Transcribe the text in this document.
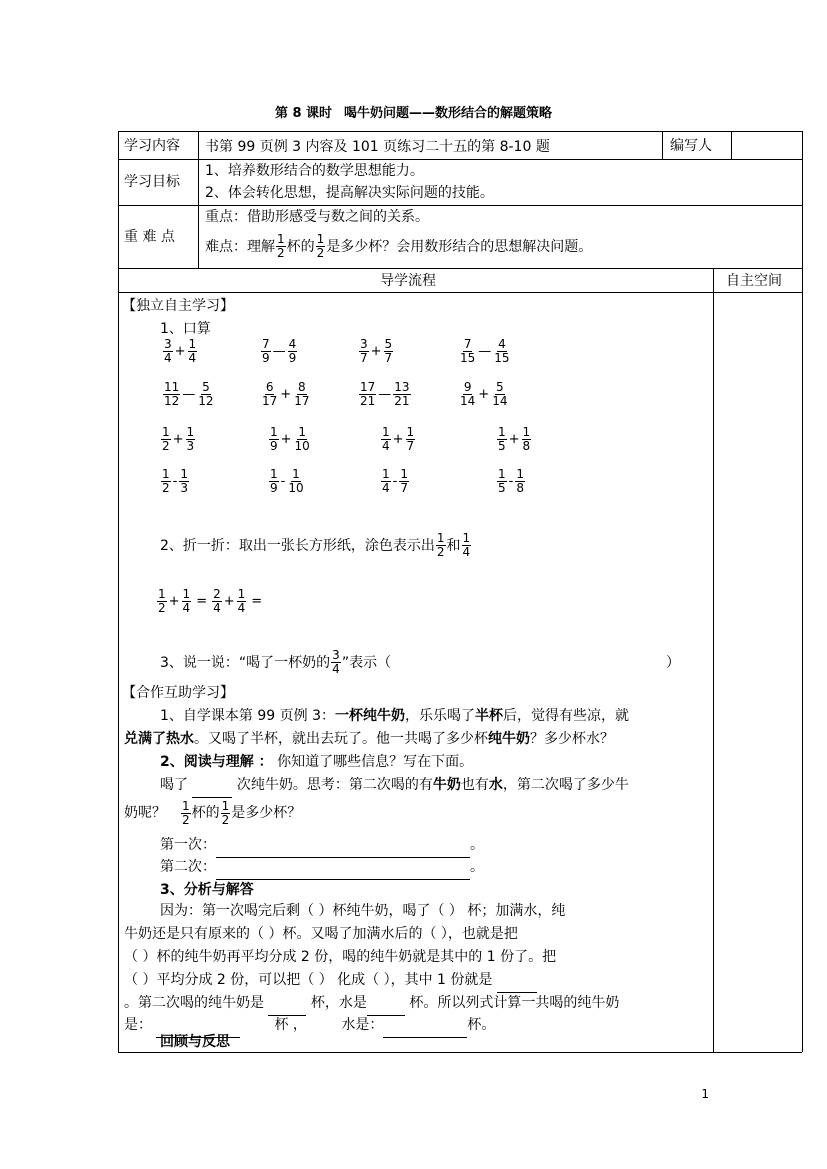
第 8 课时 喝牛奶问题——数形结合的解题策略
学习内容 书第 99 页例 3 内容及 101 页练习二十五的第 8-10 题	编写人
学习目标
1、培养数形结合的数学思想能力。
2、体会转化思想，提高解决实际问题的技能。
重 难 点
重点：借助形感受与数之间的关系。
难点：理解 $\frac{1}{2}$ 杯的 $\frac{1}{2}$ 是多少杯？会用数形结合的思想解决问题。
导学流程	自主空间
【独立自主学习】
1、口算
$\frac{3}{4} + \frac{1}{4}$	$\frac{7}{9}$ — $\frac{4}{9}$	$\frac{3}{7} + \frac{5}{7}$	$\frac{7}{15}$ — $\frac{4}{15}$
$\frac{11}{12}$ — $\frac{5}{12}$	$\frac{6}{17} + \frac{8}{17}$	$\frac{17}{21}$ — $\frac{13}{21}$	$\frac{9}{14} + \frac{5}{14}$
$\frac{1}{2} + \frac{1}{3}$	$\frac{1}{9} + \frac{1}{10}$	$\frac{1}{4} + \frac{1}{7}$	$\frac{1}{5} + \frac{1}{8}$
$\frac{1}{2} - \frac{1}{3}$	$\frac{1}{9} - \frac{1}{10}$	$\frac{1}{4} - \frac{1}{7}$	$\frac{1}{5} - \frac{1}{8}$
2、折一折：取出一张长方形纸，涂色表示出 $\frac{1}{2}$ 和 $\frac{1}{4}$
$\frac{1}{2} + \frac{1}{4} = \frac{2}{4} + \frac{1}{4}$ =
3、说一说：“喝了一杯奶的 $\frac{3}{4}$ ”表示（	）
【合作互助学习】
1、自学课本第 99 页例 3：一杯纯牛奶，乐乐喝了半杯后，觉得有些凉，就
兑满了热水。又喝了半杯，就出去玩了。他一共喝了多少杯纯牛奶？多少杯水？
2、阅读与理解 ： 你知道了哪些信息？写在下面。
喝了	次纯牛奶。思考：第二次喝的有牛奶也有水，第二次喝了多少牛
奶呢？ $\frac{1}{2}$ 杯的 $\frac{1}{2}$ 是多少杯？
第一次：	。
第二次：	。
3、分析与解答
因为：第一次喝完后剩（ ）杯纯牛奶，喝了（ ） 杯；加满水，纯
牛奶还是只有原来的（ ）杯。又喝了加满水后的（ ），也就是把
（ ）杯的纯牛奶再平均分成 2 份，喝的纯牛奶就是其中的 1 份了。把
（ ）平均分成 2 份，可以把（ ） 化成（ ），其中 1 份就是
。第二次喝的纯牛奶是	杯，水是	杯。所以列式计算一共喝的纯牛奶
是：	杯 ， 水是：	杯。
回顾与反思
1
